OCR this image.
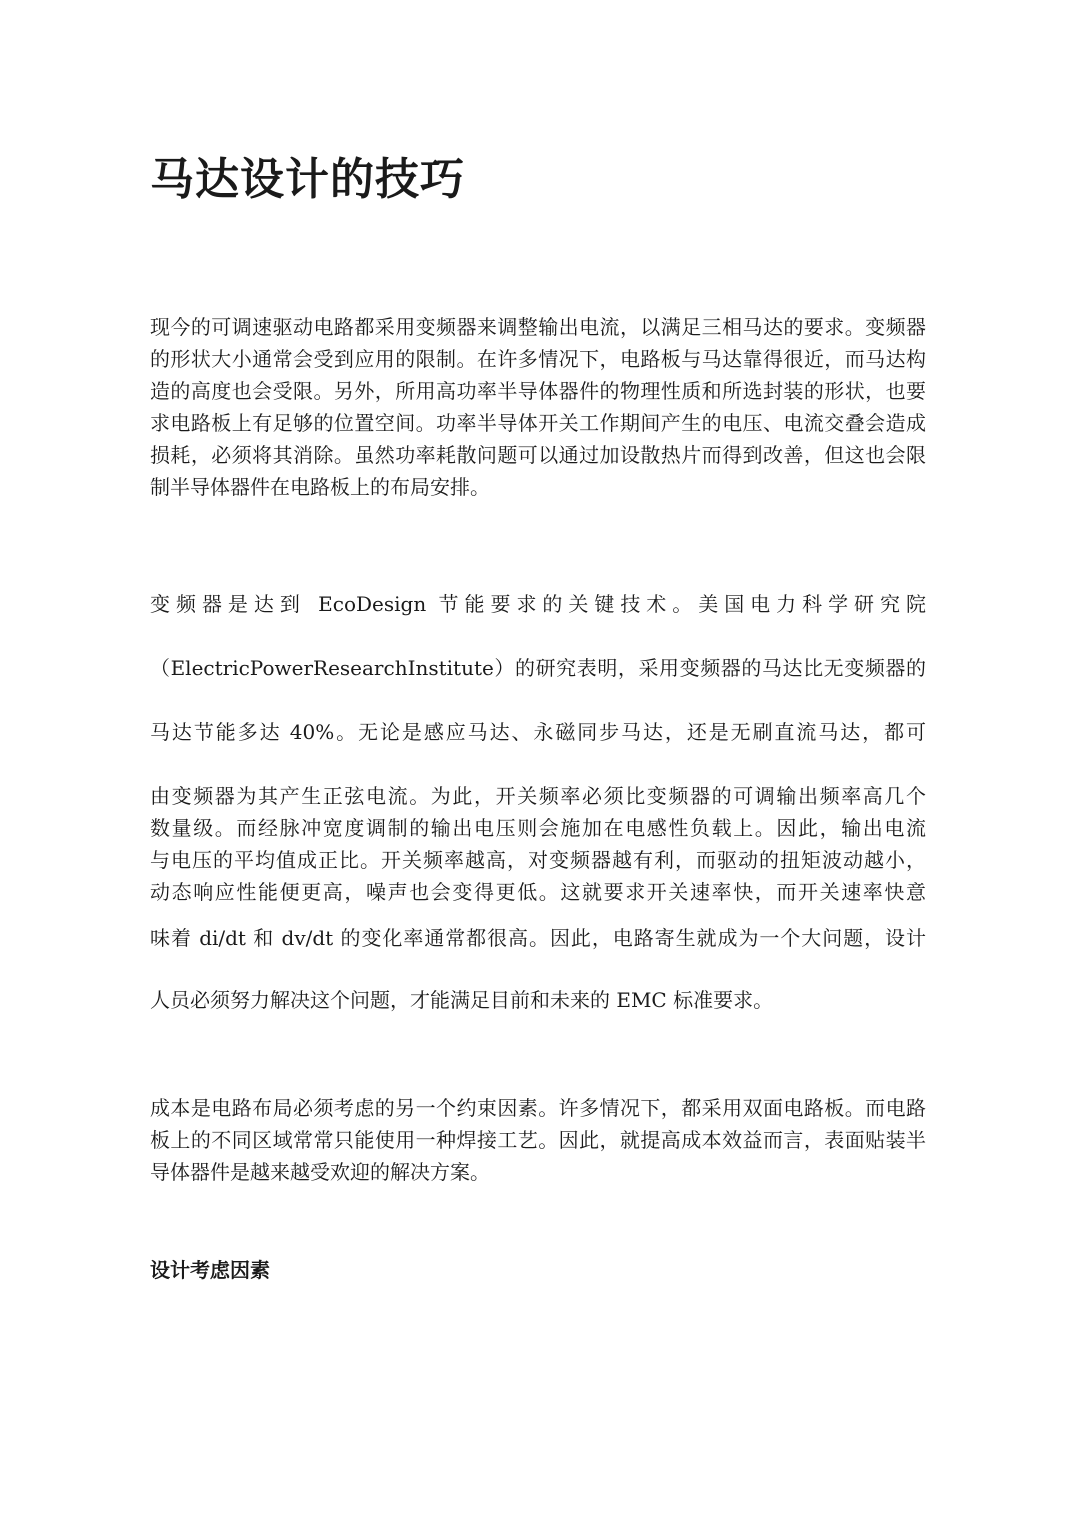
马达设计的技巧

现今的可调速驱动电路都采用变频器来调整输出电流，以满足三相马达的要求。变频器的形状大小通常会受到应用的限制。在许多情况下，电路板与马达靠得很近，而马达构造的高度也会受限。另外，所用高功率半导体器件的物理性质和所选封装的形状，也要求电路板上有足够的位置空间。功率半导体开关工作期间产生的电压、电流交叠会造成损耗，必须将其消除。虽然功率耗散问题可以通过加设散热片而得到改善，但这也会限制半导体器件在电路板上的布局安排。

变频器是达到 EcoDesign 节能要求的关键技术。美国电力科学研究院
（ElectricPowerResearchInstitute）的研究表明，采用变频器的马达比无变频器的
马达节能多达 40%。无论是感应马达、永磁同步马达，还是无刷直流马达，都可
由变频器为其产生正弦电流。为此，开关频率必须比变频器的可调输出频率高几个
数量级。而经脉冲宽度调制的输出电压则会施加在电感性负载上。因此，输出电流
与电压的平均值成正比。开关频率越高，对变频器越有利，而驱动的扭矩波动越小，
动态响应性能便更高，噪声也会变得更低。这就要求开关速率快，而开关速率快意
味着 di/dt 和 dv/dt 的变化率通常都很高。因此，电路寄生就成为一个大问题，设计
人员必须努力解决这个问题，才能满足目前和未来的 EMC 标准要求。

成本是电路布局必须考虑的另一个约束因素。许多情况下，都采用双面电路板。而电路板上的不同区域常常只能使用一种焊接工艺。因此，就提高成本效益而言，表面贴装半导体器件是越来越受欢迎的解决方案。

设计考虑因素
